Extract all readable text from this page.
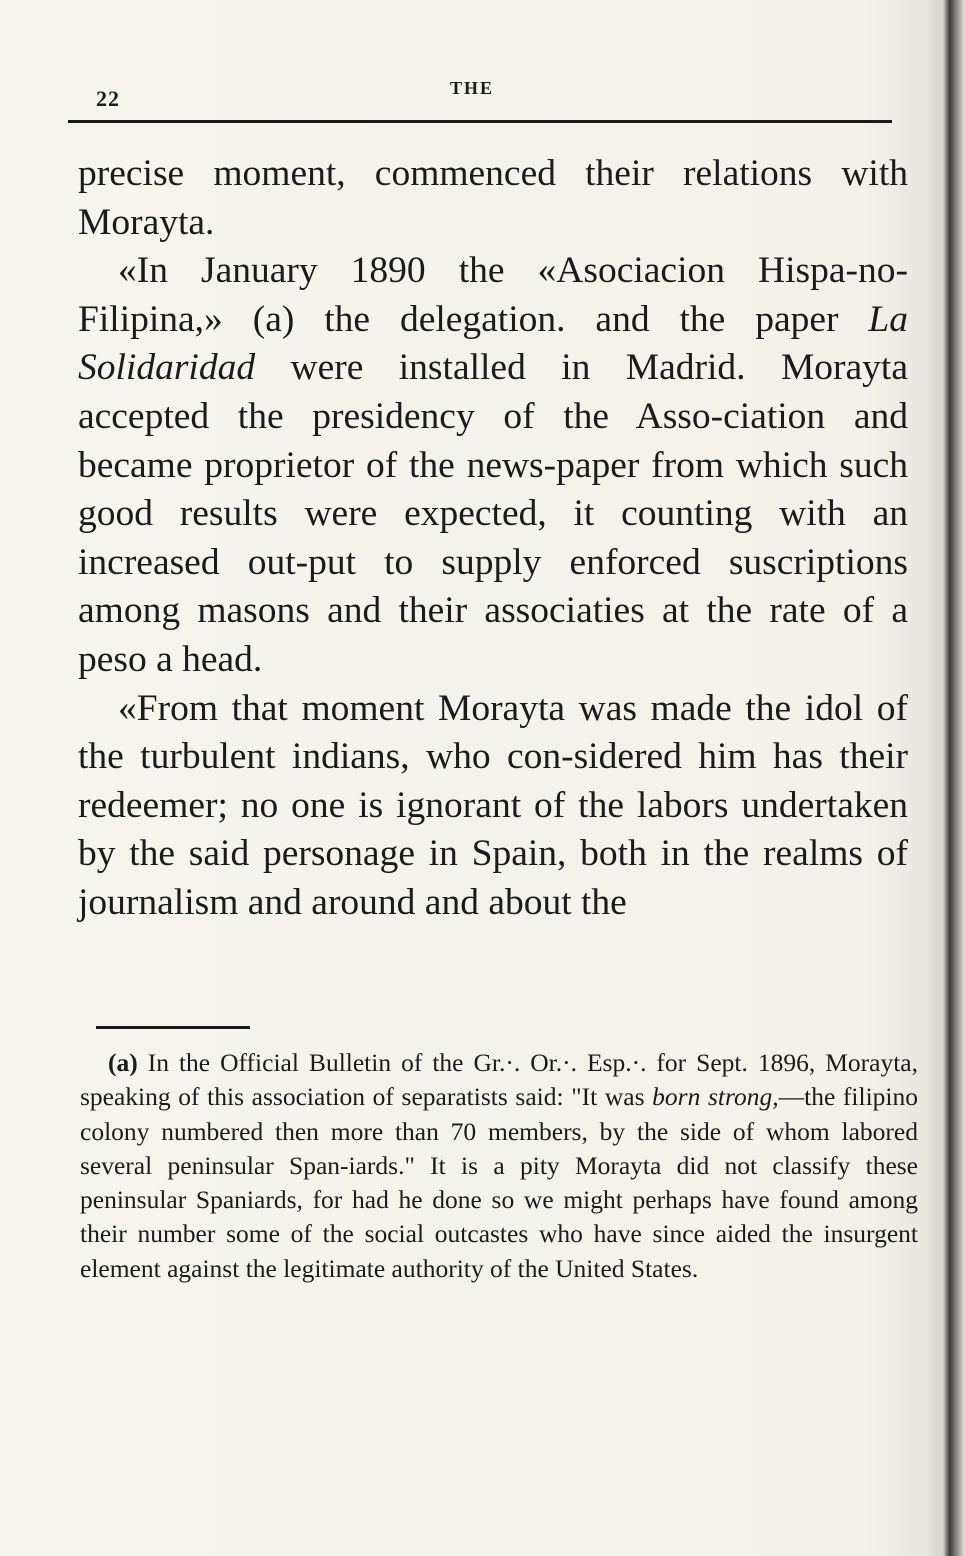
22	THE

precise moment, commenced their relations with Morayta.

«In January 1890 the «Asociacion Hispa-no-Filipina,» (a) the delegation. and the paper La Solidaridad were installed in Madrid. Morayta accepted the presidency of the Asso-ciation and became proprietor of the news-paper from which such good results were expected, it counting with an increased out-put to supply enforced suscriptions among masons and their associaties at the rate of a peso a head.

«From that moment Morayta was made the idol of the turbulent indians, who con-sidered him has their redeemer; no one is ignorant of the labors undertaken by the said personage in Spain, both in the realms of journalism and around and about the

(a) In the Official Bulletin of the Gr.·. Or.·. Esp.·. for Sept. 1896, Morayta, speaking of this association of separatists said: "It was born strong,—the filipino colony numbered then more than 70 members, by the side of whom labored several peninsular Span-iards." It is a pity Morayta did not classify these peninsular Spaniards, for had he done so we might perhaps have found among their number some of the social outcastes who have since aided the insurgent element against the legitimate authority of the United States.
